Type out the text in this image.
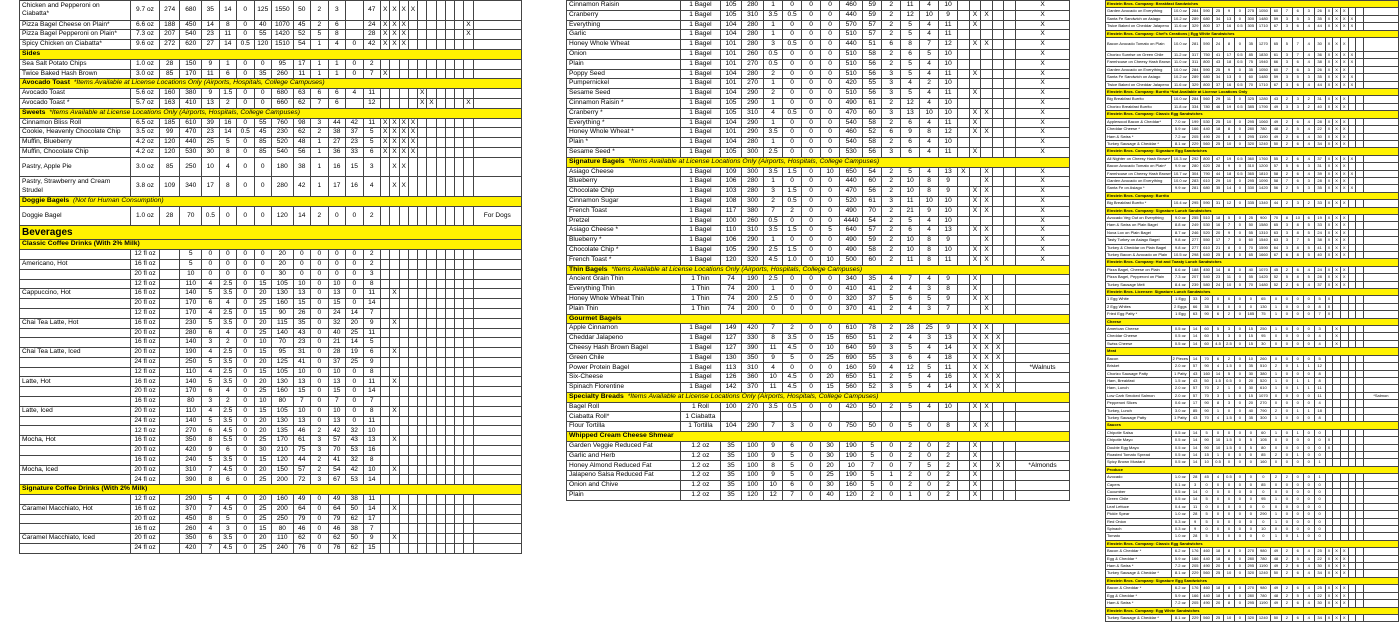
Chicken and Pepperoni on Ciabatta*	9.7 oz	274	680	35	14	0	125	1550	50	2	3		47	X	X	X	X							
Pizza Bagel Cheese on Plain*	6.6 oz	188	450	14	8	0	40	1070	45	2	6		24	X	X	X							X	
Pizza Bagel Pepperoni on Plain*	7.3 oz	207	540	23	11	0	55	1420	52	5	8		28	X	X	X							X	
Spicy Chicken on Ciabatta*	9.6 oz	272	620	27	14	0.5	120	1510	54	1	4	0	42	X	X	X								
Sides																								
Sea Salt Potato Chips	1.0 oz	28	150	9	1	0	0	95	17	1	1	0	2											
Twice Baked Hash Brown	3.0 oz	85	170	11	6	0	35	260	11	1	1	0	7	X										
Avocado Toast *Items Available at License Locations Only (Airports, Hospitals, College Campuses)																								
Avocado Toast	5.6 oz	160	380	9	1.5	0	0	680	63	6	6	4	11					X						
Avocado Toast *	5.7 oz	163	410	13	2	0	0	660	62	7	6		12					X	X				X	
Sweets *Items Available at License Locations Only (Airports, Hospitals, College Campuses)																								
Cinnamon Bliss Roll	6.5 oz	185	610	39	16	0	55	760	98	3	44	42	11	X	X	X	X							
Cookie, Heavenly Chocolate Chip	3.5 oz	99	470	23	14	0.5	45	230	62	2	38	37	5	X	X	X	X							
Muffin, Blueberry	4.2 oz	120	440	25	5	0	85	520	48	1	27	23	5	X	X	X	X							
Muffin, Chocolate Chip	4.2 oz	120	530	30	8	0	85	540	56	1	36	33	6	X	X	X	X							
Pastry, Apple Pie	3.0 oz	85	250	10	4	0	0	180	38	1	16	15	3		X	X								
Pastry, Strawberry and Cream Strudel	3.8 oz	109	340	17	8	0	0	280	42	1	17	16	4		X	X								
Doggie Bagels (Not for Human Consumption)																								
Doggie Bagel	1.0 oz	28	70	0.5	0	0	0	120	14	2	0	0	2											For Dogs
Beverages																								
Classic Coffee Drinks (With 2% Milk)																								
	12 fl oz		5	0	0	0	0	20	0	0	0	0	2											
Americano, Hot	16 fl oz		5	0	0	0	0	20	0	0	0	0	2											
	20 fl oz		10	0	0	0	0	30	0	0	0	0	3											
	12 fl oz		110	4	2.5	0	15	105	10	0	10	0	8											
Cappuccino, Hot	16 fl oz		140	5	3.5	0	20	130	13	0	13	0	11		X									
	20 fl oz		170	6	4	0	25	160	15	0	15	0	14											
	12 fl oz		170	4	2.5	0	15	90	26	0	24	14	7											
Chai Tea Latte, Hot	16 fl oz		230	5	3.5	0	20	115	35	0	32	20	9		X									
	20 fl oz		280	6	4	0	25	140	43	0	40	25	11											
	16 fl oz		140	3	2	0	10	70	23	0	21	14	5											
Chai Tea Latte, Iced	20 fl oz		190	4	2.5	0	15	95	31	0	28	19	6		X									
	24 fl oz		250	5	3.5	0	20	125	41	0	37	25	9											
	12 fl oz		110	4	2.5	0	15	105	10	0	10	0	8											
Latte, Hot	16 fl oz		140	5	3.5	0	20	130	13	0	13	0	11		X									
	20 fl oz		170	6	4	0	25	160	15	0	15	0	14											
	16 fl oz		80	3	2	0	10	80	7	0	7	0	7											
Latte, Iced	20 fl oz		110	4	2.5	0	15	105	10	0	10	0	8		X									
	24 fl oz		140	5	3.5	0	20	130	13	0	13	0	11											
	12 fl oz		270	6	4.5	0	20	135	46	2	42	32	10											
Mocha, Hot	16 fl oz		350	8	5.5	0	25	170	61	3	57	43	13		X									
	20 fl oz		420	9	6	0	30	210	75	3	70	53	16											
	16 fl oz		240	5	3.5	0	15	120	44	2	41	32	8											
Mocha, Iced	20 fl oz		310	7	4.5	0	20	150	57	2	54	42	10		X									
	24 fl oz		390	8	6	0	25	200	72	3	67	53	14											
Signature Coffee Drinks (With 2% Milk)																								
	12 fl oz		290	5	4	0	20	160	49	0	49	38	11											
Caramel Macchiato, Hot	16 fl oz		370	7	4.5	0	25	200	64	0	64	50	14		X									
	20 fl oz		450	8	5	0	25	250	79	0	79	62	17											
	16 fl oz		260	4	3	0	15	80	46	0	46	38	7											
Caramel Macchiato, Iced	20 fl oz		350	6	3.5	0	20	110	62	0	62	50	9		X									
	24 fl oz		420	7	4.5	0	25	240	76	0	76	62	15											
Cinnamon Raisin	1 Bagel	105	280	1	0	0	0	460	59	2	11	4	10						X
Cranberry	1 Bagel	105	310	3.5	0.5	0	0	440	59	2	12	10	9		X	X			X
Everything	1 Bagel	104	280	1	0	0	0	570	57	2	5	4	11		X				X
Garlic	1 Bagel	104	280	1	0	0	0	510	57	2	5	4	11						X
Honey Whole Wheat	1 Bagel	101	280	3	0.5	0	0	440	51	6	8	7	12		X	X			X
Onion	1 Bagel	101	260	0.5	0	0	0	510	58	2	6	5	10						X
Plain	1 Bagel	101	270	0.5	0	0	0	510	56	2	5	4	10						X
Poppy Seed	1 Bagel	104	280	2	0	0	0	510	56	3	5	4	11		X				X
Pumpernickel	1 Bagel	101	270	1	0	0	0	420	55	3	4	2	10						X
Sesame Seed	1 Bagel	104	290	2	0	0	0	510	56	3	5	4	11		X				X
Cinnamon Raisin *	1 Bagel	105	290	1	0	0	0	490	61	2	12	4	10						X
Cranberry *	1 Bagel	105	310	4	0.5	0	0	470	60	3	13	10	10		X	X			X
Everything *	1 Bagel	104	290	1	0	0	0	540	58	2	6	4	11		X				X
Honey Whole Wheat *	1 Bagel	101	290	3.5	0	0	0	460	52	6	9	8	12		X	X			X
Plain *	1 Bagel	104	280	1	0	0	0	540	58	2	6	4	10						X
Sesame Seed *	1 Bagel	105	300	2.5	0	0	0	530	56	3	6	4	11		X				X
Signature Bagels *Items Available at License Locations Only (Airports, Hospitals, College Campuses)																			
Asiago Cheese	1 Bagel	109	300	3.5	1.5	0	10	650	54	2	5	4	13	X		X			X
Blueberry	1 Bagel	106	280	1	0	0	0	440	60	2	10	8	9			X			X
Chocolate Chip	1 Bagel	103	280	3	1.5	0	0	470	56	2	10	8	9		X	X			X
Cinnamon Sugar	1 Bagel	108	300	2	0.5	0	0	520	61	3	11	10	10		X	X			X
French Toast	1 Bagel	117	380	7	2	0	0	490	70	2	21	9	10		X	X			X
Pretzel	1 Bagel	100	260	0.5	0	0	0	4440	54	2	5	4	10						X
Asiago Cheese *	1 Bagel	110	310	3.5	1.5	0	5	640	57	2	6	4	13		X	X			X
Blueberry *	1 Bagel	106	290	1	0	0	0	490	59	2	10	8	9			X			X
Chocolate Chip *	1 Bagel	105	290	2.5	1.5	0	0	490	58	2	10	8	10		X	X			X
French Toast *	1 Bagel	120	320	4.5	1.0	0	10	500	60	2	11	8	11		X	X			X
Thin Bagels *Items Available at License Locations Only (Airports, Hospitals, College Campuses)																			
Ancient Grain Thin	1 Thin	74	190	2.5	0	0	0	340	35	4	7	4	9		X				
Everything Thin	1 Thin	74	200	1	0	0	0	410	41	2	4	3	8		X				
Honey Whole Wheat Thin	1 Thin	74	200	2.5	0	0	0	320	37	5	6	5	9		X	X			
Plain Thin	1 Thin	74	200	0	0	0	0	370	41	2	4	3	7			X			
Gourmet Bagels																			
Apple Cinnamon	1 Bagel	149	420	7	2	0	0	610	78	2	28	25	9		X	X			
Cheddar Jalapeno	1 Bagel	127	330	8	3.5	0	15	650	51	2	4	3	13		X	X	X		
Cheesy Hash Brown Bagel	1 Bagel	127	390	11	4.5	0	10	640	59	3	5	4	14		X	X	X		
Green Chile	1 Bagel	130	350	9	5	0	25	690	55	3	6	4	18		X	X	X		
Power Protein Bagel	1 Bagel	113	310	4	0	0	0	160	59	4	12	5	11		X	X			*Walnuts
Six-Cheese	1 Bagel	126	360	10	4.5	0	20	650	51	2	5	4	16		X	X	X		
Spinach Florentine	1 Bagel	142	370	11	4.5	0	15	560	52	3	5	4	14		X	X	X		
Specialty Breads *Items Available at License Locations Only (Airports, Hospitals, College Campuses)																			
Bagel Roll	1 Roll	100	270	3.5	0.5	0	0	420	50	2	5	4	10		X	X			
Ciabatta Roll*	1 Ciabatta																		
Flour Tortilla	1 Tortilla	104	290	7	3	0	0	750	50	0	5	0	8		X	X			
Whipped Cream Cheese Shmear																			
Garden Veggie Reduced Fat	1.2 oz	35	100	9	6	0	30	190	5	0	2	0	2		X				
Garlic and Herb	1.2 oz	35	100	9	5	0	30	190	5	0	2	0	2		X				
Honey Almond Reduced Fat	1.2 oz	35	100	8	5	0	20	10	7	0	7	5	2		X		X		*Almonds
Jalapeno Salsa Reduced Fat	1.2 oz	35	100	9	5	0	25	190	5	1	2	0	2		X				
Onion and Chive	1.2 oz	35	100	10	6	0	30	160	5	0	2	0	2		X				
Plain	1.2 oz	35	120	12	7	0	40	120	2	0	1	0	2		X				
Einstein Bros. Company: Breakfast Sandwiches																			
Garden Avocado on Everything	10.0 oz	284	590	25	9	0	275	1050	60	7	6	3	26	X	X	X			
Santa Fe Sandwich on Asiago	10.2 oz	289	680	34	13	0	300	1480	59	3	5	3	35	X	X	X	X		
Twice Baked on Cheddar Jalapeno	11.6 oz	329	800	37	16	0.5	305	1710	67	3	6	4	44	X	X	X	X		
Einstein Bros. Company: Chef's Creations | Egg White Sandwiches																			
Bacon Avocado Tomato on Plain	10.0 oz	281	590	24	8	0	35	1270	65	5	7	4	30	X	X	X			
Chorizo Sunrise on Green Chile	11.2 oz	317	750	41	17	0.5	85	1830	61	3	7	4	36	X	X	X	X		
Farmhouse on Cheesy Hash Brown	11.0 oz	311	800	43	18	0.5	75	1940	66	3	6	4	38	X	X	X	X		
Garden Avocado on Everything	10.0 oz	284	590	25	9	0	35	1050	60	7	6	3	26	X	X	X			
Santa Fe Sandwich on Asiago	10.2 oz	289	680	34	13	0	60	1480	59	3	5	3	35	X	X	X	X		
Twice Baked on Cheddar Jalapeno	11.6 oz	329	800	37	16	0.5	70	1710	67	3	6	4	44	X	X	X	X		
Einstein Bros. Company: Burrito *Not Available at License Locations Only																			
Big Breakfast Burrito	10.0 oz	284	560	29	11	0	325	1280	43	2	3	2	31	X	X	X			
Chorizo Breakfast Burrito	11.8 oz	334	780	46	19	0.5	385	1790	49	3	3	2	40	X	X	X			
Einstein Bros. Company: Classic Egg Sandwiches																			
Applewood Bacon & Cheddar*	7.0 oz	199	530	25	10	0	295	1060	49	2	6	4	28	X	X	X			
Cheddar Cheese *	5.9 oz	166	440	18	8	0	280	780	48	2	5	4	22	X	X	X			
Ham & Swiss *	7.2 oz	205	490	20	8	0	295	1190	49	2	6	4	30	X	X	X			
Turkey Sausage & Cheddar *	8.1 oz	229	560	25	10	0	320	1240	50	2	6	4	34	X	X	X			
Einstein Bros. Company: Signature Egg Sandwiches																			
All Nighter on Cheesy Hash Brown*	10.3 oz	292	800	47	19	0.5	360	1760	55	2	6	4	37	X	X	X	X		
Bacon Avocado Tomato on Plain*	9.9 oz	280	620	28	9	0	310	1200	57	5	6	3	31	X	X	X			
Farmhouse on Cheesy Hash Brown*	10.7 oz	304	790	44	18	0.5	365	1810	58	2	6	4	39	X	X	X	X		
Garden Avocado on Everything	10.0 oz	283	610	29	10	0	295	1090	58	7	6	3	28	X	X	X			
Santa Fe on Asiago *	9.9 oz	281	680	35	14	0	330	1420	56	2	5	3	35	X	X	X	X		
Einstein Bros. Company: Burrito																			
Big Breakfast Burrito *	10.4 oz	295	590	31	12	0	335	1340	44	2	3	2	33	X	X	X			
Einstein Bros. Company: Signature Lunch Sandwiches																			
Avocado Veg Out on Everything	9.0 oz	255	510	18	5	0	25	900	70	8	10	6	19	X	X	X			
Ham & Swiss on Plain Bagel	8.8 oz	249	530	16	7	0	50	1580	65	3	8	5	33	X	X	X			
Nova Lox on Plain Bagel	8.7 oz	246	520	20	9	0	55	1310	63	3	8	5	24	X	X	X			
Tasty Turkey on Asiago Bagel	9.8 oz	277	550	17	7	0	60	1540	63	3	7	5	38	X	X	X			
Turkey & Cheddar on Plain Bagel	9.8 oz	277	610	21	8	0	70	1590	64	3	8	5	41	X	X	X			
Turkey Bacon & Avocado on Plain	10.5 oz	298	640	25	8	0	65	1660	67	6	8	5	40	X	X	X			
Einstein Bros. Company: Hot and Toasty Lunch Sandwiches																			
Pizza Bagel, Cheese on Plain	6.6 oz	188	450	14	8	0	40	1070	45	2	6	4	24	X	X	X			
Pizza Bagel, Pepperoni on Plain	7.3 oz	207	540	23	11	0	55	1420	52	5	8	5	28	X	X	X			
Turkey Sausage Melt	8.4 oz	239	580	24	10	0	70	1480	52	2	6	4	37	X	X	X			
Einstein Bros. Licensee: Signature Lunch Sandwiches																			
1 Egg White	1 Egg	33	20	0	0	0	0	65	0	0	0	0	5	X					
2 Egg Whites	2 Eggs	66	35	0	0	0	0	130	1	0	0	0	8	X					
Fried Egg Patty *	1 Egg	63	90	6	2	0	185	75	1	0	0	0	7	X					
Cheese																			
American Cheese	0.5 oz	14	60	5	3	0	15	250	1	0	0	0	3		X				
Cheddar Cheese	0.5 oz	14	60	5	3	0	15	95	0	0	0	0	4		X				
Swiss Cheese	0.5 oz	14	60	4.5	2.5	0	15	30	0	0	0	0	4		X				
Meat																			
Bacon	2 Pieces	14	70	6	2	0	10	260	0	0	0	0	5						
Brisket	2.0 oz	57	90	4	1.5	0	35	510	2	0	1	1	12						
Chorizo Sausage Patty	1 Patty	43	160	14	5	0	30	380	1	0	0	0	8						
Ham, Breakfast	1.5 oz	43	50	1.5	0.5	0	20	520	1	0	1	1	8						
Ham, Lunch	2.0 oz	57	70	2	1	0	30	610	1	0	1	1	11						
Low Carb Smoked Salmon	2.0 oz	57	70	3	1	0	15	1070	0	0	0	0	11						*Salmon
Pepperoni Slices	0.6 oz	17	90	8	3	0	20	270	0	0	0	0	4						
Turkey, Lunch	3.0 oz	85	90	1	0	0	40	790	2	0	1	1	18						
Turkey Sausage Patty	1 Patty	43	70	4	1.5	0	35	300	1	0	0	0	8						
Sauces																			
Chipotle Salsa	0.5 oz	14	5	0	0	0	0	60	1	0	1	0	0						
Chipotle Mayo	0.5 oz	14	90	10	1.5	0	5	105	0	0	0	0	0	X					
Double Egg Mayo	0.5 oz	14	90	10	1.5	0	5	80	0	0	0	0	0	X					
Roasted Tomato Spread	0.5 oz	14	15	1	0	0	0	85	2	0	1	0	0						
Spicy Brown Mustard	0.5 oz	14	10	0.5	0	0	0	160	0	0	0	0	1						
Produce																			
Avocado	1.0 oz	28	45	4	0.5	0	0	0	2	2	0	0	1						
Capers	0.1 oz	3	0	0	0	0	0	85	0	0	0	0	0						
Cucumber	0.5 oz	14	0	0	0	0	0	0	0	0	0	0	0						
Green Chile	0.5 oz	14	5	0	0	0	0	95	1	0	0	0	0						
Leaf Lettuce	0.4 oz	11	0	0	0	0	0	0	0	0	0	0	0						
Pickle Spear	1.0 oz	28	5	0	0	0	0	290	1	0	0	0	0						
Red Onion	0.3 oz	9	5	0	0	0	0	0	1	0	0	0	0						
Spinach	0.3 oz	9	0	0	0	0	0	10	0	0	0	0	0						
Tomato	1.0 oz	28	5	0	0	0	0	0	1	0	1	0	0						
Einstein Bros. Company: Classic Egg Sandwiches																			
Bacon & Cheddar *	6.2 oz	176	460	18	8	0	270	980	49	2	6	4	25	X	X	X			
Egg & Cheddar *	5.9 oz	166	440	18	8	0	280	780	48	2	5	4	22	X	X	X			
Ham & Swiss *	7.2 oz	205	490	20	8	0	295	1190	49	2	6	4	30	X	X	X			
Turkey Sausage & Cheddar *	8.1 oz	229	560	25	10	0	320	1240	50	2	6	4	34	X	X	X			
Einstein Bros. Company: Signature Egg Sandwiches																			
Bacon & Cheddar *	6.2 oz	176	460	18	8	0	270	980	49	2	6	4	25	X	X	X			
Egg & Cheddar *	5.9 oz	166	440	18	8	0	280	780	48	2	5	4	22	X	X	X			
Ham & Swiss *	7.2 oz	205	490	20	8	0	295	1190	49	2	6	4	30	X	X	X			
Einstein Bros. Company: Egg White Sandwiches																			
Turkey Sausage & Cheddar *	8.1 oz	229	560	25	10	0	320	1240	50	2	6	4	34	X	X	X			
